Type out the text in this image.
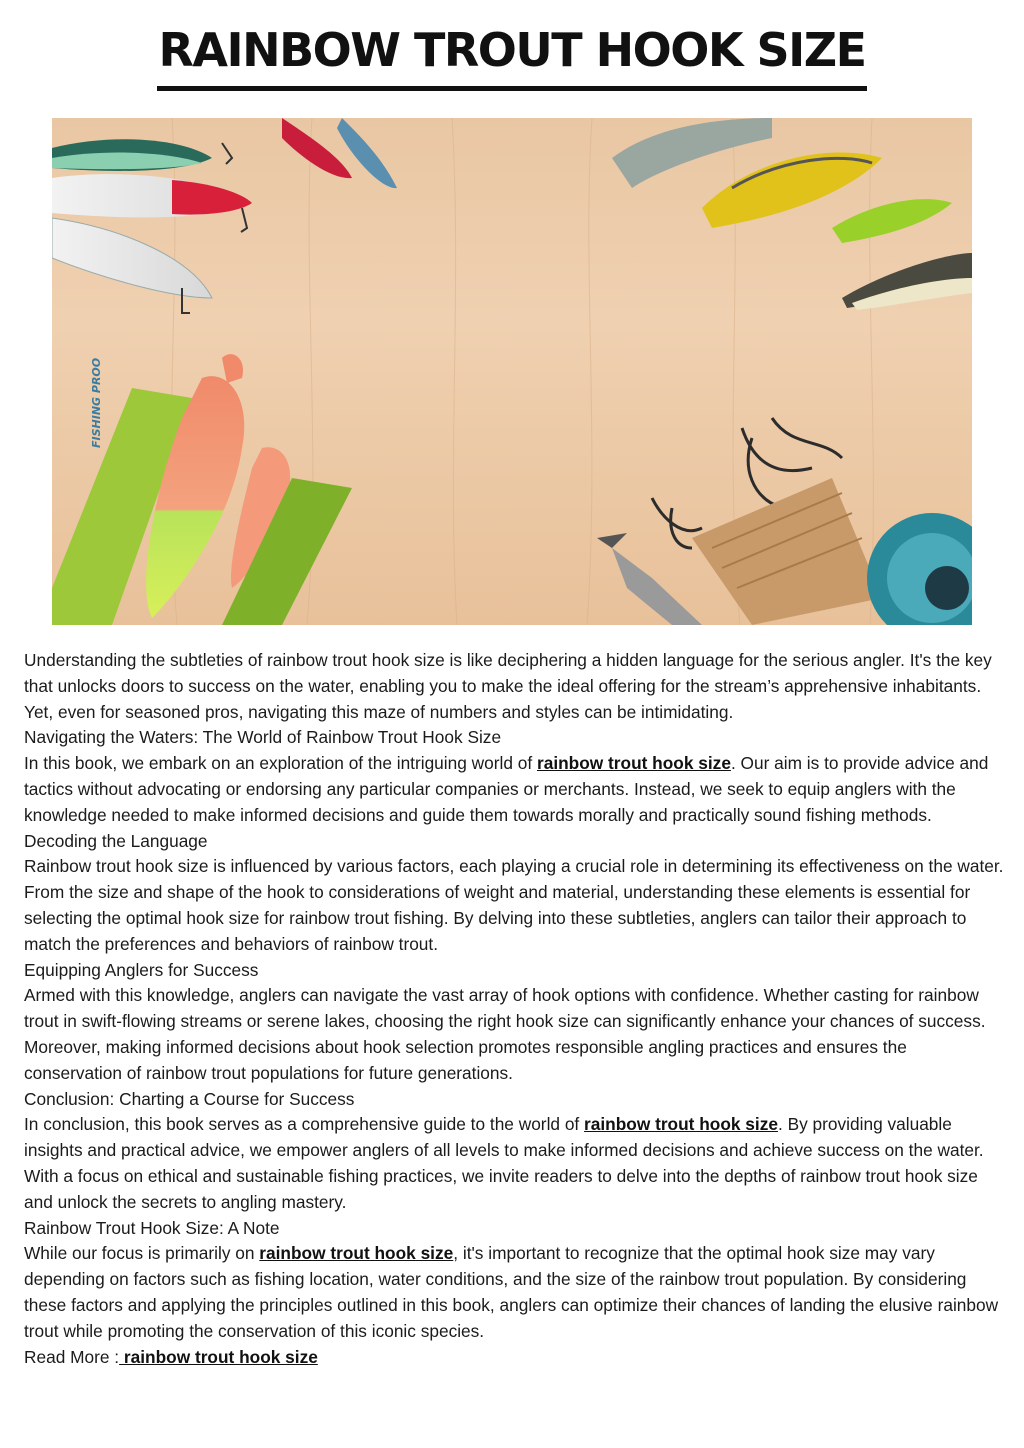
RAINBOW TROUT HOOK SIZE
FISHING PROO

Understanding the subtleties of rainbow trout hook size is like deciphering a hidden language for the serious angler. It's the key that unlocks doors to success on the water, enabling you to make the ideal offering for the stream’s apprehensive inhabitants. Yet, even for seasoned pros, navigating this maze of numbers and styles can be intimidating.

Navigating the Waters: The World of Rainbow Trout Hook Size

In this book, we embark on an exploration of the intriguing world of rainbow trout hook size. Our aim is to provide advice and tactics without advocating or endorsing any particular companies or merchants. Instead, we seek to equip anglers with the knowledge needed to make informed decisions and guide them towards morally and practically sound fishing methods.

Decoding the Language

Rainbow trout hook size is influenced by various factors, each playing a crucial role in determining its effectiveness on the water. From the size and shape of the hook to considerations of weight and material, understanding these elements is essential for selecting the optimal hook size for rainbow trout fishing. By delving into these subtleties, anglers can tailor their approach to match the preferences and behaviors of rainbow trout.

Equipping Anglers for Success

Armed with this knowledge, anglers can navigate the vast array of hook options with confidence. Whether casting for rainbow trout in swift-flowing streams or serene lakes, choosing the right hook size can significantly enhance your chances of success. Moreover, making informed decisions about hook selection promotes responsible angling practices and ensures the conservation of rainbow trout populations for future generations.

Conclusion: Charting a Course for Success

In conclusion, this book serves as a comprehensive guide to the world of rainbow trout hook size. By providing valuable insights and practical advice, we empower anglers of all levels to make informed decisions and achieve success on the water. With a focus on ethical and sustainable fishing practices, we invite readers to delve into the depths of rainbow trout hook size and unlock the secrets to angling mastery.

Rainbow Trout Hook Size: A Note

While our focus is primarily on rainbow trout hook size, it's important to recognize that the optimal hook size may vary depending on factors such as fishing location, water conditions, and the size of the rainbow trout population. By considering these factors and applying the principles outlined in this book, anglers can optimize their chances of landing the elusive rainbow trout while promoting the conservation of this iconic species.

Read More : rainbow trout hook size
